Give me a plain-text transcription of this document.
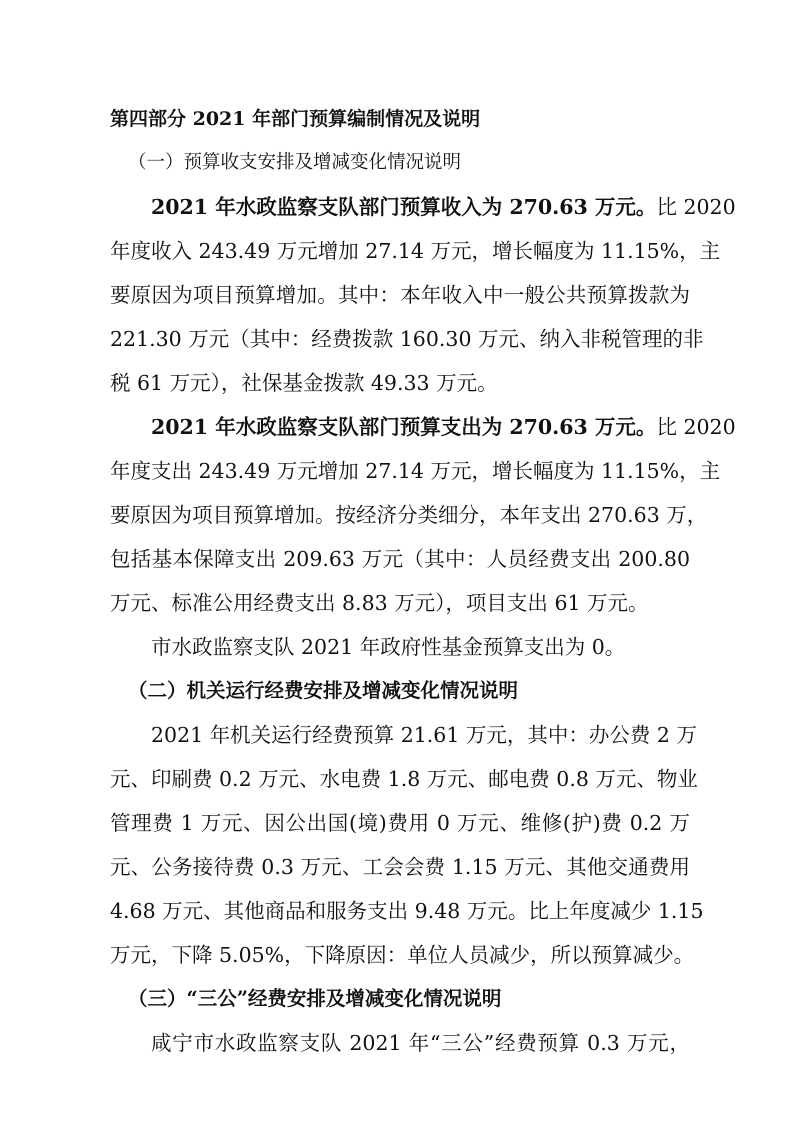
第四部分 2021 年部门预算编制情况及说明
（一）预算收支安排及增减变化情况说明
2021 年水政监察支队部门预算收入为 270.63 万元。比 2020
年度收入 243.49 万元增加 27.14 万元，增长幅度为 11.15%，主
要原因为项目预算增加。其中：本年收入中一般公共预算拨款为
221.30 万元（其中：经费拨款 160.30 万元、纳入非税管理的非
税 61 万元），社保基金拨款 49.33 万元。
2021 年水政监察支队部门预算支出为 270.63 万元。比 2020
年度支出 243.49 万元增加 27.14 万元，增长幅度为 11.15%，主
要原因为项目预算增加。按经济分类细分，本年支出 270.63 万，
包括基本保障支出 209.63 万元（其中：人员经费支出 200.80
万元、标准公用经费支出 8.83 万元），项目支出 61 万元。
市水政监察支队 2021 年政府性基金预算支出为 0。
（二）机关运行经费安排及增减变化情况说明
2021 年机关运行经费预算 21.61 万元，其中：办公费 2 万
元、印刷费 0.2 万元、水电费 1.8 万元、邮电费 0.8 万元、物业
管理费 1 万元、因公出国(境)费用 0 万元、维修(护)费 0.2 万
元、公务接待费 0.3 万元、工会会费 1.15 万元、其他交通费用
4.68 万元、其他商品和服务支出 9.48 万元。比上年度减少 1.15
万元，下降 5.05%，下降原因：单位人员减少，所以预算减少。
（三）“三公”经费安排及增减变化情况说明
咸宁市水政监察支队 2021 年“三公”经费预算 0.3 万元，
